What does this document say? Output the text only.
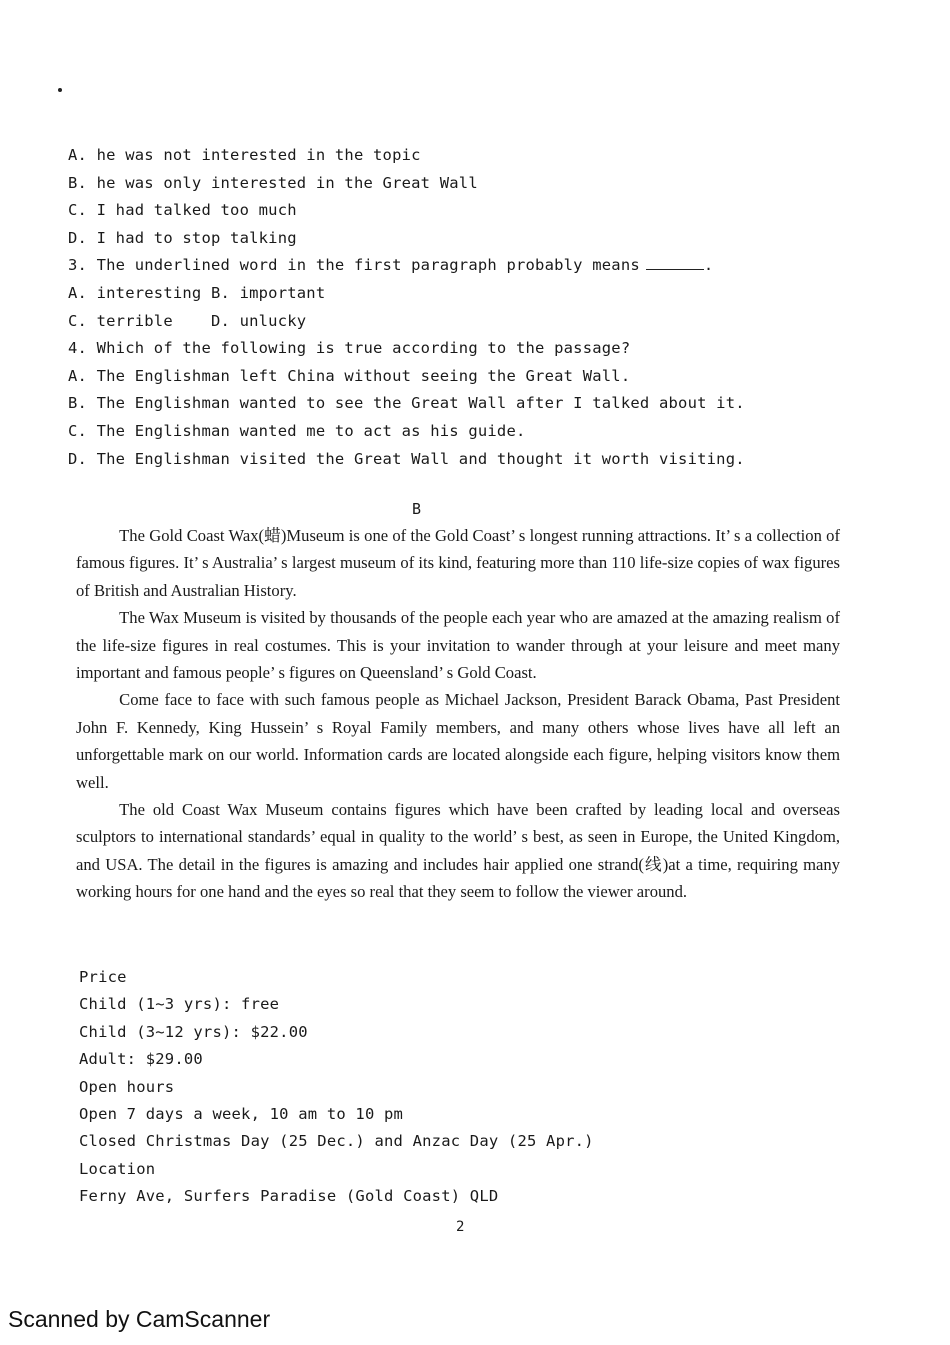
A. he was not interested in the topic
B. he was only interested in the Great Wall
C. I had talked too much
D. I had to stop talking
3. The underlined word in the first paragraph probably means	.
A. interesting B. important
C. terrible    D. unlucky
4. Which of the following is true according to the passage?
A. The Englishman left China without seeing the Great Wall.
B. The Englishman wanted to see the Great Wall after I talked about it.
C. The Englishman wanted me to act as his guide.
D. The Englishman visited the Great Wall and thought it worth visiting.
B

The Gold Coast Wax(蜡)Museum is one of the Gold Coast’ s longest running attractions. It’ s a collection of famous figures. It’ s Australia’ s largest museum of its kind, featuring more than 110 life-size copies of wax figures of British and Australian History.

The Wax Museum is visited by thousands of the people each year who are amazed at the amazing realism of the life-size figures in real costumes. This is your invitation to wander through at your leisure and meet many important and famous people’ s figures on Queensland’ s Gold Coast.

Come face to face with such famous people as Michael Jackson, President Barack Obama, Past President John F. Kennedy, King Hussein’ s Royal Family members, and many others whose lives have all left an unforgettable mark on our world. Information cards are located alongside each figure, helping visitors know them well.

The old Coast Wax Museum contains figures which have been crafted by leading local and overseas sculptors to international standards’ equal in quality to the world’ s best, as seen in Europe, the United Kingdom, and USA. The detail in the figures is amazing and includes hair applied one strand(线)at a time, requiring many working hours for one hand and the eyes so real that they seem to follow the viewer around.

Price
Child (1~3 yrs): free
Child (3~12 yrs): $22.00
Adult: $29.00
Open hours
Open 7 days a week, 10 am to 10 pm
Closed Christmas Day (25 Dec.) and Anzac Day (25 Apr.)
Location
Ferny Ave, Surfers Paradise (Gold Coast) QLD
2
Scanned by CamScanner
